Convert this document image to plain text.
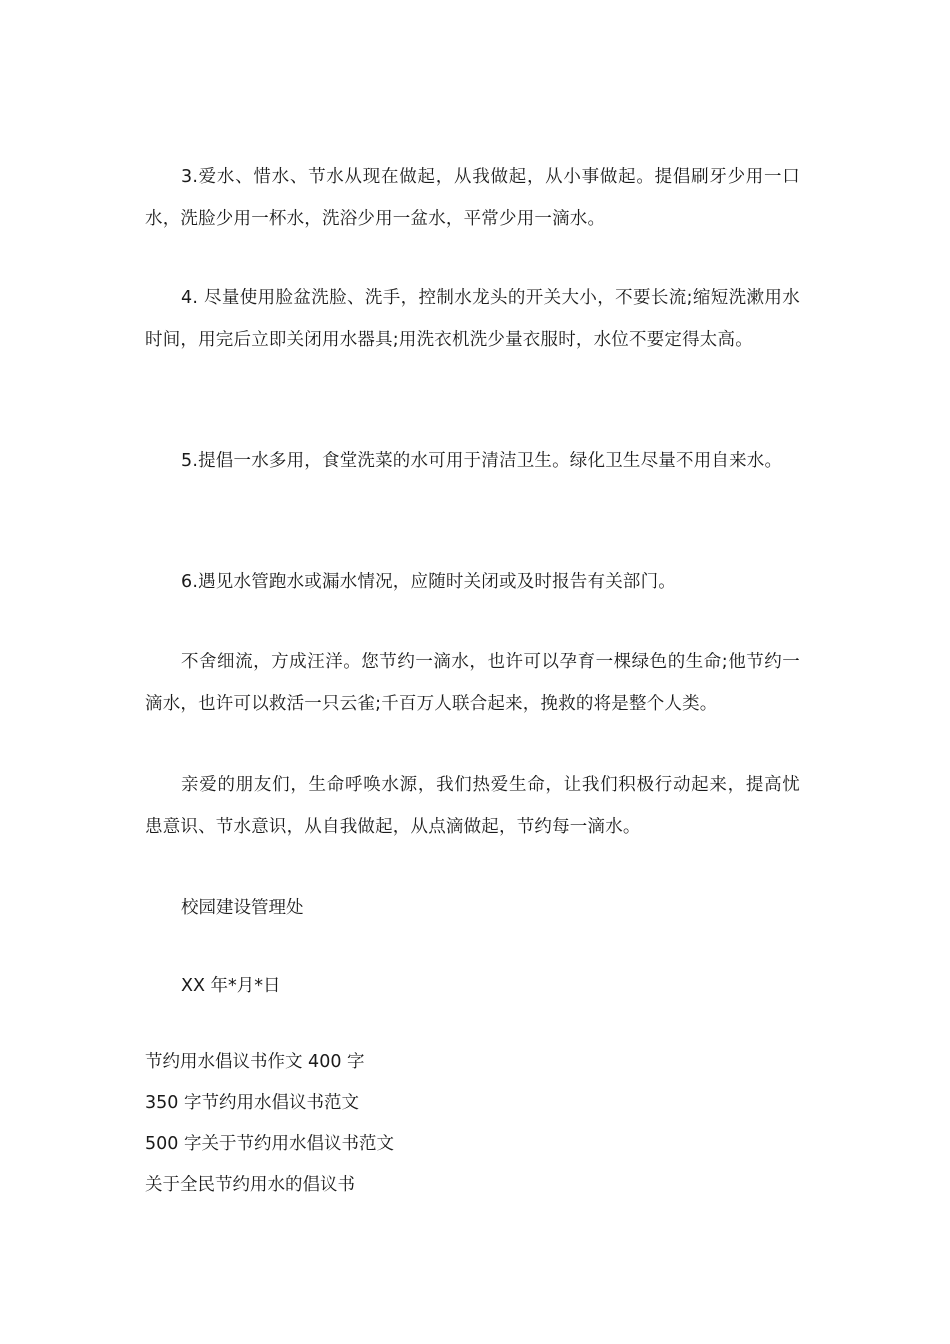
3.爱水、惜水、节水从现在做起，从我做起，从小事做起。提倡刷牙少用一口水，洗脸少用一杯水，洗浴少用一盆水，平常少用一滴水。

4. 尽量使用脸盆洗脸、洗手，控制水龙头的开关大小，不要长流;缩短洗漱用水时间，用完后立即关闭用水器具;用洗衣机洗少量衣服时，水位不要定得太高。

5.提倡一水多用，食堂洗菜的水可用于清洁卫生。绿化卫生尽量不用自来水。

6.遇见水管跑水或漏水情况，应随时关闭或及时报告有关部门。

不舍细流，方成汪洋。您节约一滴水，也许可以孕育一棵绿色的生命;他节约一滴水，也许可以救活一只云雀;千百万人联合起来，挽救的将是整个人类。

亲爱的朋友们，生命呼唤水源，我们热爱生命，让我们积极行动起来，提高忧患意识、节水意识，从自我做起，从点滴做起，节约每一滴水。

校园建设管理处

XX 年*月*日

节约用水倡议书作文 400 字
350 字节约用水倡议书范文
500 字关于节约用水倡议书范文
关于全民节约用水的倡议书
